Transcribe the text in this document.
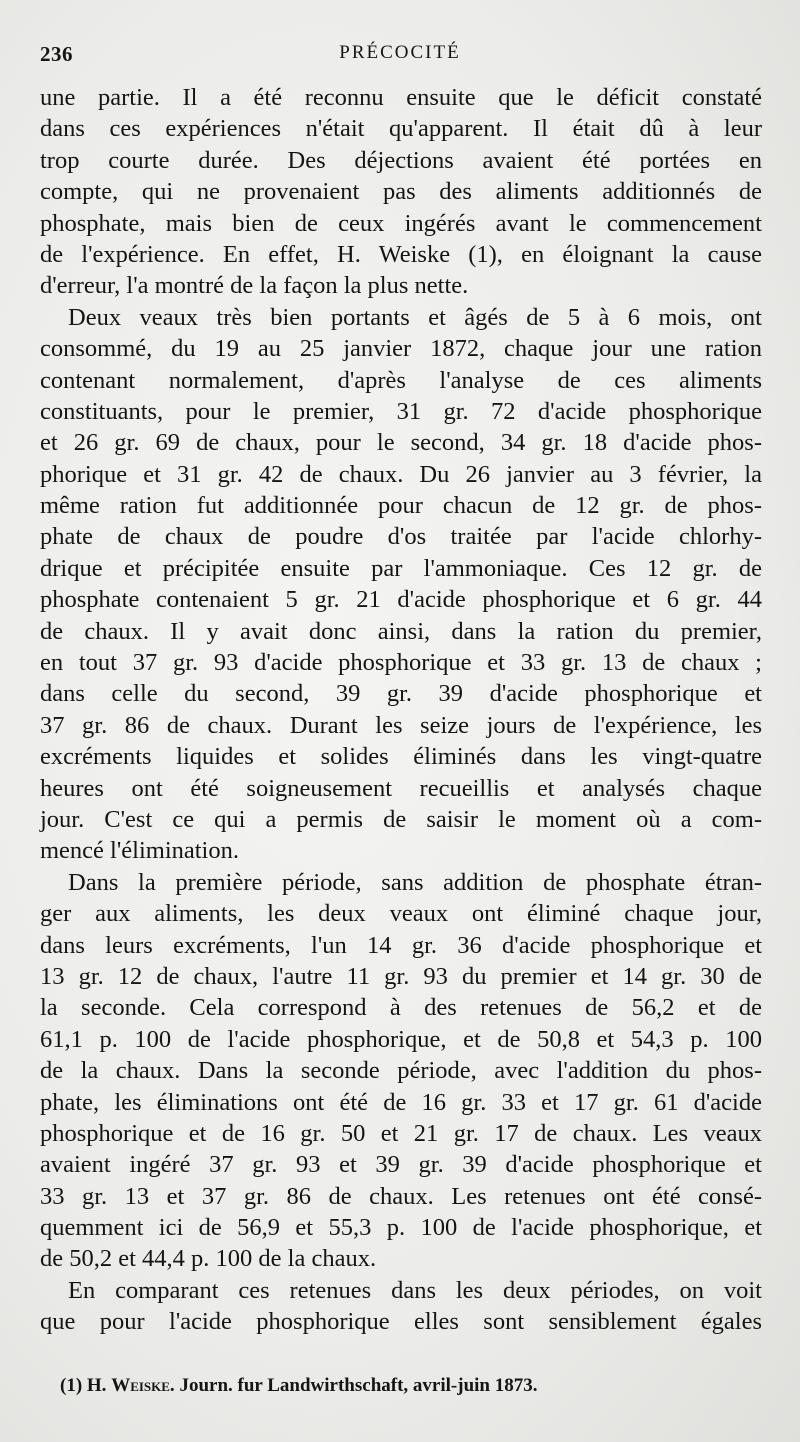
236	PRÉCOCITÉ
une partie. Il a été reconnu ensuite que le déficit constaté
dans ces expériences n'était qu'apparent. Il était dû à leur
trop courte durée. Des déjections avaient été portées en
compte, qui ne provenaient pas des aliments additionnés de
phosphate, mais bien de ceux ingérés avant le commencement
de l'expérience. En effet, H. Weiske (1), en éloignant la cause
d'erreur, l'a montré de la façon la plus nette.
Deux veaux très bien portants et âgés de 5 à 6 mois, ont
consommé, du 19 au 25 janvier 1872, chaque jour une ration
contenant normalement, d'après l'analyse de ces aliments
constituants, pour le premier, 31 gr. 72 d'acide phosphorique
et 26 gr. 69 de chaux, pour le second, 34 gr. 18 d'acide phos-
phorique et 31 gr. 42 de chaux. Du 26 janvier au 3 février, la
même ration fut additionnée pour chacun de 12 gr. de phos-
phate de chaux de poudre d'os traitée par l'acide chlorhy-
drique et précipitée ensuite par l'ammoniaque. Ces 12 gr. de
phosphate contenaient 5 gr. 21 d'acide phosphorique et 6 gr. 44
de chaux. Il y avait donc ainsi, dans la ration du premier,
en tout 37 gr. 93 d'acide phosphorique et 33 gr. 13 de chaux ;
dans celle du second, 39 gr. 39 d'acide phosphorique et
37 gr. 86 de chaux. Durant les seize jours de l'expérience, les
excréments liquides et solides éliminés dans les vingt-quatre
heures ont été soigneusement recueillis et analysés chaque
jour. C'est ce qui a permis de saisir le moment où a com-
mencé l'élimination.
Dans la première période, sans addition de phosphate étran-
ger aux aliments, les deux veaux ont éliminé chaque jour,
dans leurs excréments, l'un 14 gr. 36 d'acide phosphorique et
13 gr. 12 de chaux, l'autre 11 gr. 93 du premier et 14 gr. 30 de
la seconde. Cela correspond à des retenues de 56,2 et de
61,1 p. 100 de l'acide phosphorique, et de 50,8 et 54,3 p. 100
de la chaux. Dans la seconde période, avec l'addition du phos-
phate, les éliminations ont été de 16 gr. 33 et 17 gr. 61 d'acide
phosphorique et de 16 gr. 50 et 21 gr. 17 de chaux. Les veaux
avaient ingéré 37 gr. 93 et 39 gr. 39 d'acide phosphorique et
33 gr. 13 et 37 gr. 86 de chaux. Les retenues ont été consé-
quemment ici de 56,9 et 55,3 p. 100 de l'acide phosphorique, et
de 50,2 et 44,4 p. 100 de la chaux.
En comparant ces retenues dans les deux périodes, on voit
que pour l'acide phosphorique elles sont sensiblement égales
(1) H. Weiske. Journ. fur Landwirthschaft, avril-juin 1873.
